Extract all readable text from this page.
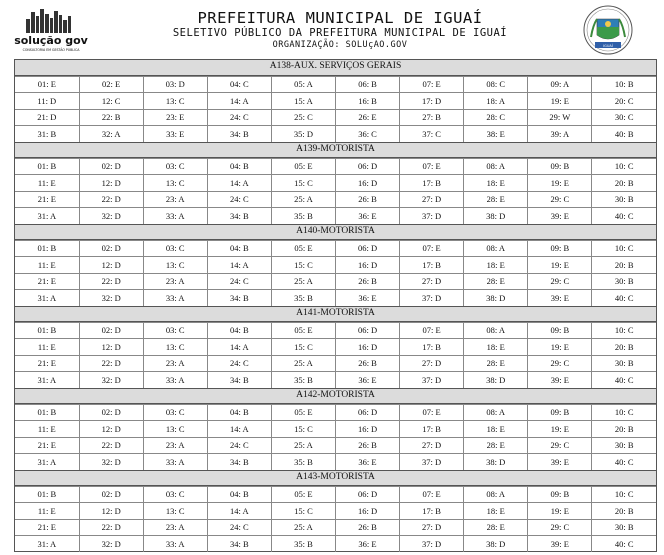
solução gov
CONSULTORIA EM GESTÃO PÚBLICA
PREFEITURA MUNICIPAL DE IGUAÍ
SELETIVO PÚBLICO DA PREFEITURA MUNICIPAL DE IGUAÍ
ORGANIZAÇÃO: SOLUçAO.GOV	IGUAÍ
A138-AUX. SERVIÇOS GERAIS
01: E	02: E	03: D	04: C	05: A	06: B	07: E	08: C	09: A	10: B
11: D	12: C	13: C	14: A	15: A	16: B	17: D	18: A	19: E	20: C
21: D	22: B	23: E	24: C	25: C	26: E	27: B	28: C	29: W	30: C
31: B	32: A	33: E	34: B	35: D	36: C	37: C	38: E	39: A	40: B
A139-MOTORISTA
01: B	02: D	03: C	04: B	05: E	06: D	07: E	08: A	09: B	10: C
11: E	12: D	13: C	14: A	15: C	16: D	17: B	18: E	19: E	20: B
21: E	22: D	23: A	24: C	25: A	26: B	27: D	28: E	29: C	30: B
31: A	32: D	33: A	34: B	35: B	36: E	37: D	38: D	39: E	40: C
A140-MOTORISTA
01: B	02: D	03: C	04: B	05: E	06: D	07: E	08: A	09: B	10: C
11: E	12: D	13: C	14: A	15: C	16: D	17: B	18: E	19: E	20: B
21: E	22: D	23: A	24: C	25: A	26: B	27: D	28: E	29: C	30: B
31: A	32: D	33: A	34: B	35: B	36: E	37: D	38: D	39: E	40: C
A141-MOTORISTA
01: B	02: D	03: C	04: B	05: E	06: D	07: E	08: A	09: B	10: C
11: E	12: D	13: C	14: A	15: C	16: D	17: B	18: E	19: E	20: B
21: E	22: D	23: A	24: C	25: A	26: B	27: D	28: E	29: C	30: B
31: A	32: D	33: A	34: B	35: B	36: E	37: D	38: D	39: E	40: C
A142-MOTORISTA
01: B	02: D	03: C	04: B	05: E	06: D	07: E	08: A	09: B	10: C
11: E	12: D	13: C	14: A	15: C	16: D	17: B	18: E	19: E	20: B
21: E	22: D	23: A	24: C	25: A	26: B	27: D	28: E	29: C	30: B
31: A	32: D	33: A	34: B	35: B	36: E	37: D	38: D	39: E	40: C
A143-MOTORISTA
01: B	02: D	03: C	04: B	05: E	06: D	07: E	08: A	09: B	10: C
11: E	12: D	13: C	14: A	15: C	16: D	17: B	18: E	19: E	20: B
21: E	22: D	23: A	24: C	25: A	26: B	27: D	28: E	29: C	30: B
31: A	32: D	33: A	34: B	35: B	36: E	37: D	38: D	39: E	40: C
